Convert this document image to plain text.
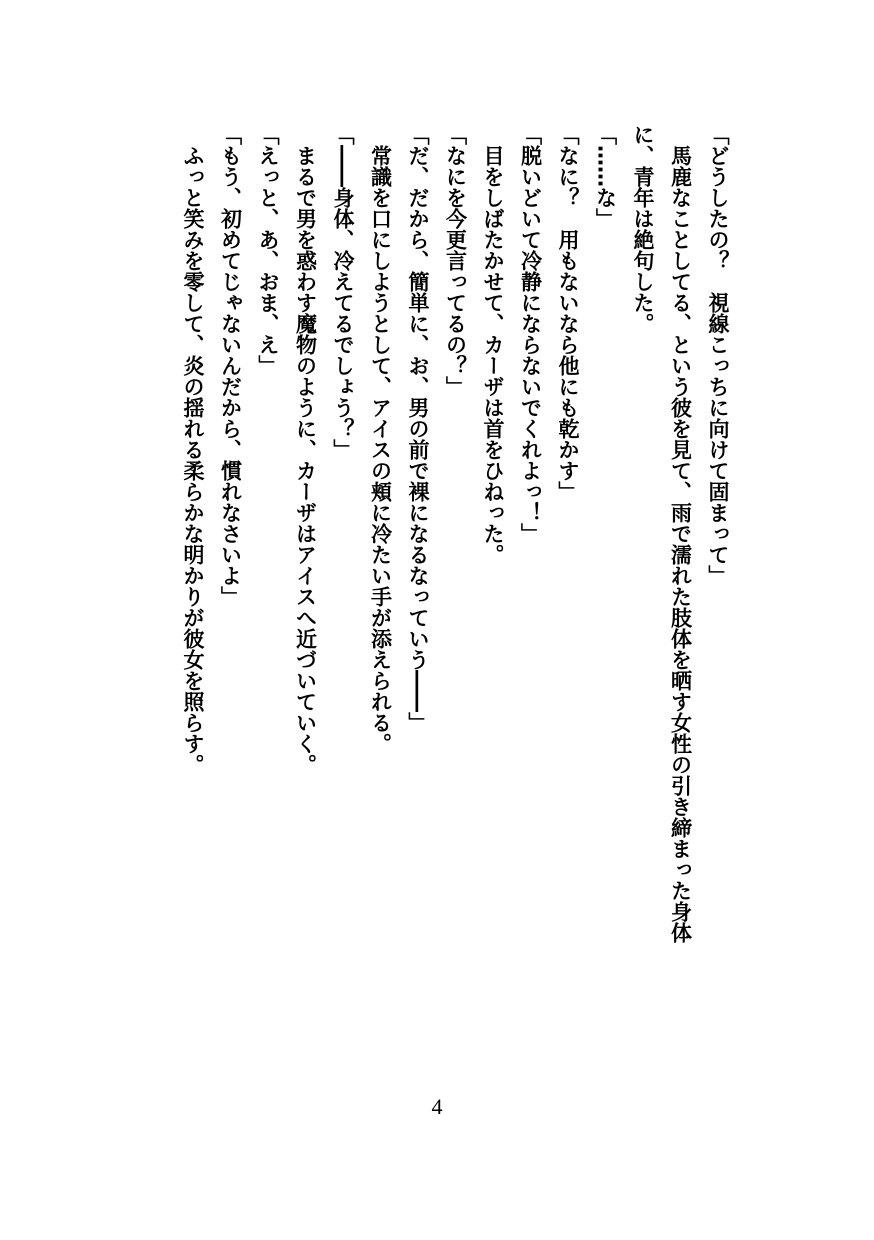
「どうしたの？　視線こっちに向けて固まって」

　馬鹿なことしてる、という彼を見て、雨で濡れた肢体を晒す女性の引き締まった身体

に、青年は絶句した。

「……な」

「なに？　用もないなら他にも乾かす」

「脱いどいて冷静にならないでくれよっ！」

　目をしばたかせて、カーザは首をひねった。

「なにを今更言ってるの？」

「だ、だから、簡単に、お、男の前で裸になるなっていう――」

　常識を口にしようとして、アイスの頬に冷たい手が添えられる。

「――身体、冷えてるでしょう？」

　まるで男を惑わす魔物のように、カーザはアイスへ近づいていく。

「えっと、あ、おま、え」

「もう、初めてじゃないんだから、慣れなさいよ」

　ふっと笑みを零して、炎の揺れる柔らかな明かりが彼女を照らす。

4
